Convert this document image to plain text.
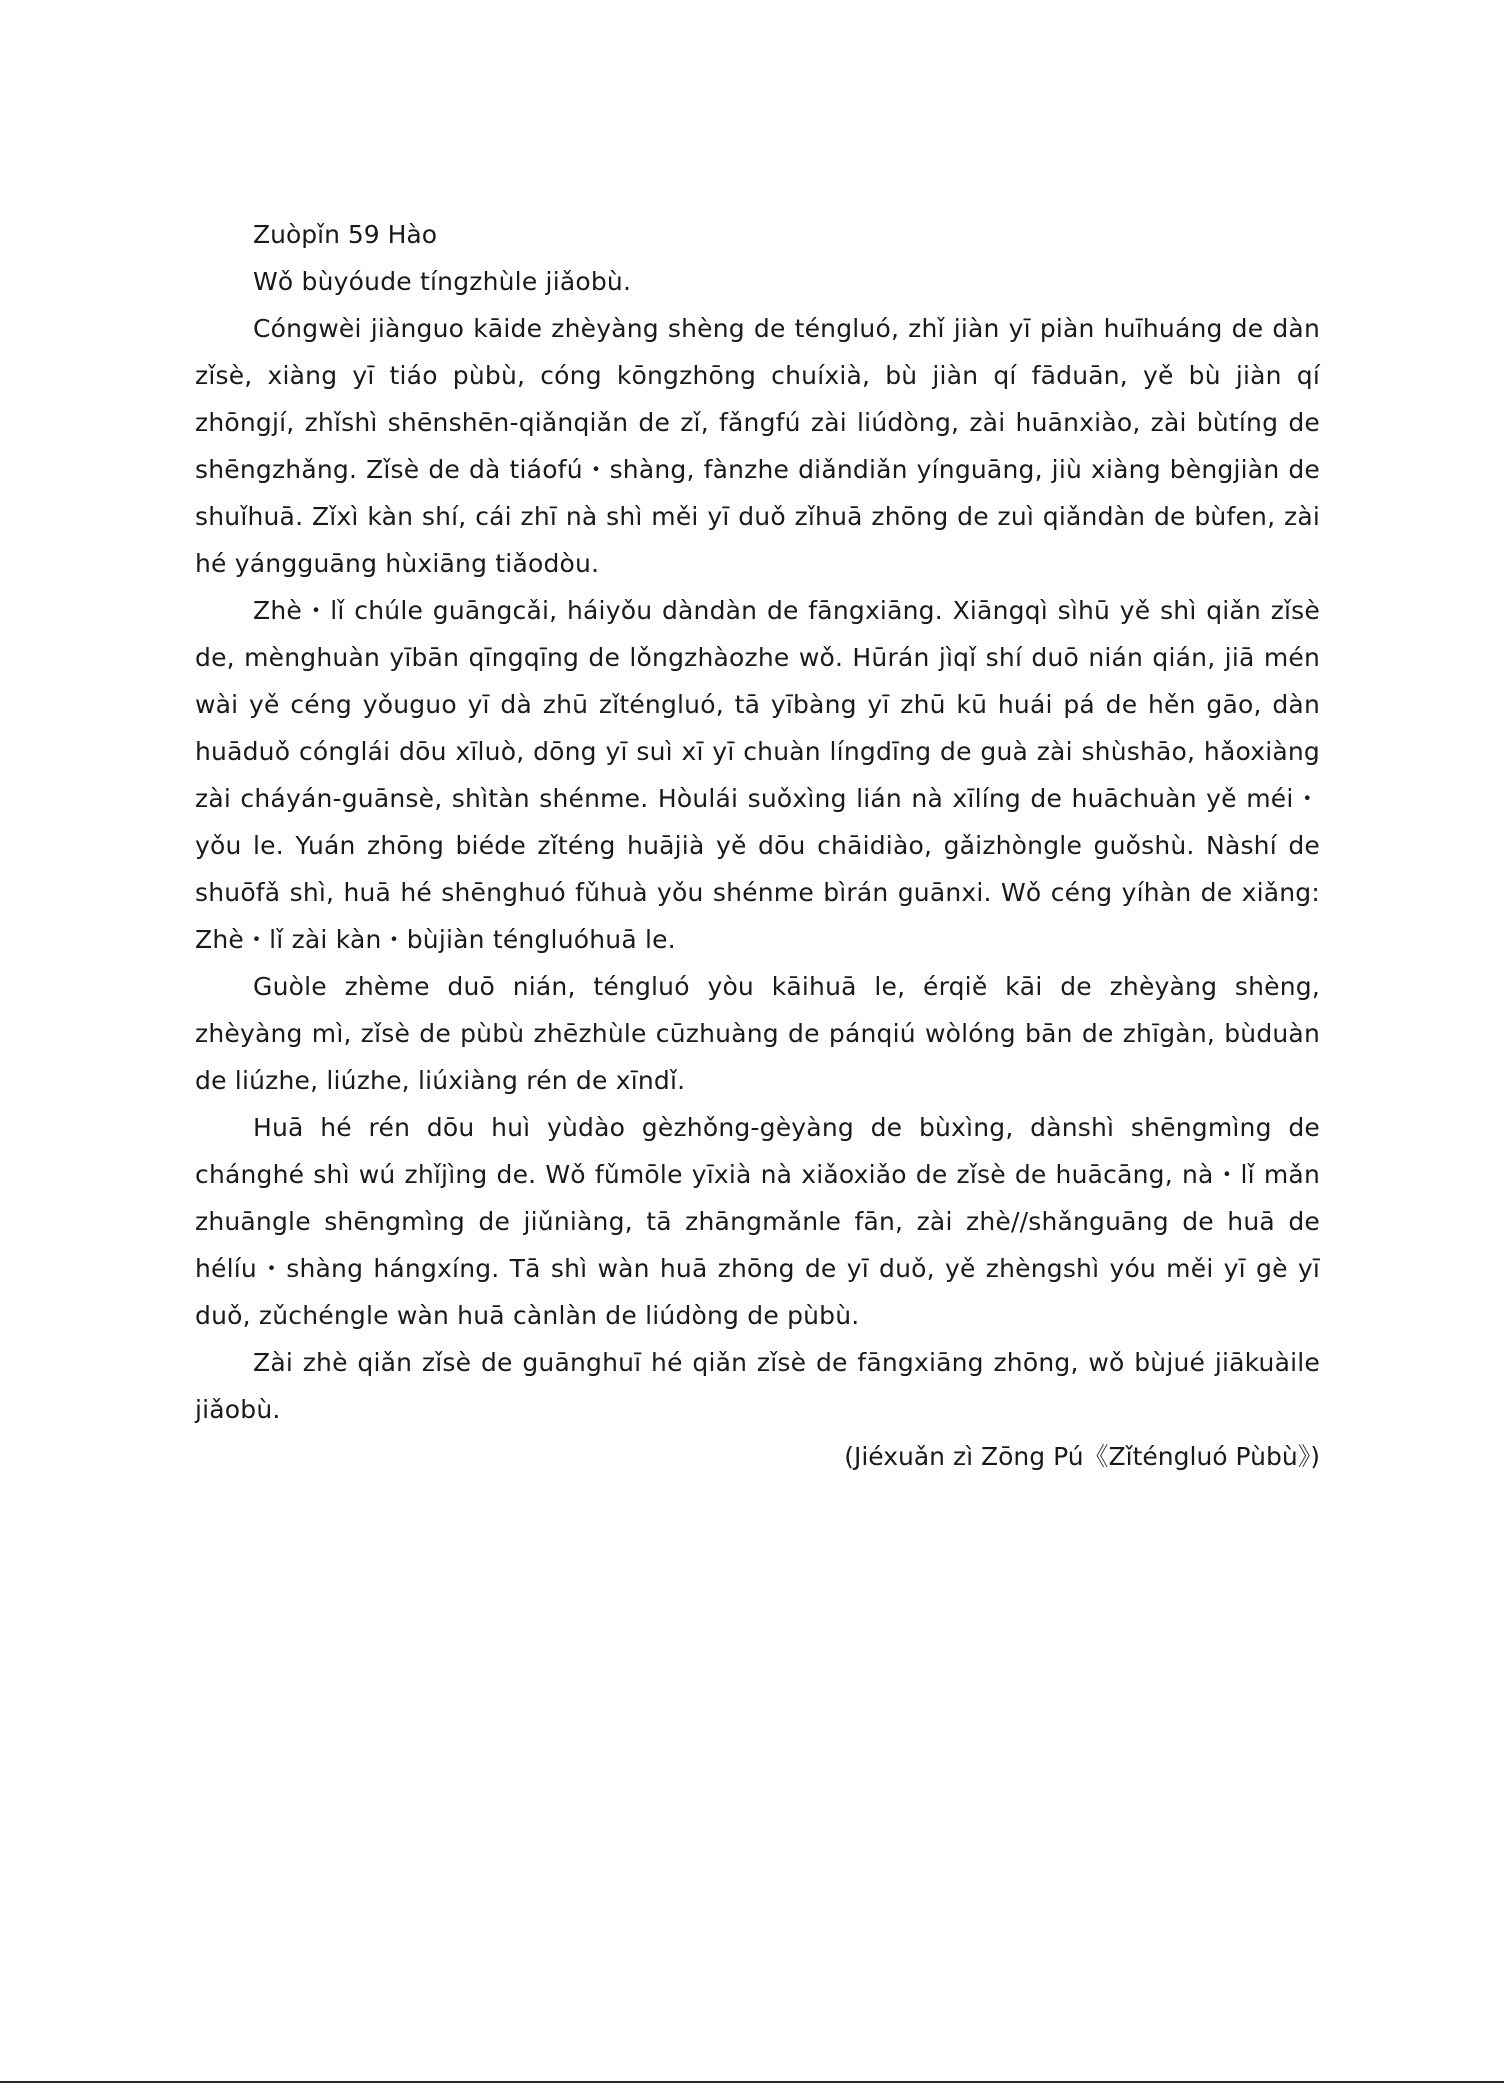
Zuòpǐn 59 Hào

Wǒ bùyóude tíngzhùle jiǎobù.

Cóngwèi jiànguo kāide zhèyàng shèng de téngluó, zhǐ jiàn yī piàn huīhuáng de dàn zǐsè, xiàng yī tiáo pùbù, cóng kōngzhōng chuíxià, bù jiàn qí fāduān, yě bù jiàn qí zhōngjí, zhǐshì shēnshēn-qiǎnqiǎn de zǐ, fǎngfú zài liúdòng, zài huānxiào, zài bùtíng de shēngzhǎng. Zǐsè de dà tiáofú・shàng, fànzhe diǎndiǎn yínguāng, jiù xiàng bèngjiàn de shuǐhuā. Zǐxì kàn shí, cái zhī nà shì měi yī duǒ zǐhuā zhōng de zuì qiǎndàn de bùfen, zài hé yángguāng hùxiāng tiǎodòu.

Zhè・lǐ chúle guāngcǎi, háiyǒu dàndàn de fāngxiāng. Xiāngqì sìhū yě shì qiǎn zǐsè de, mènghuàn yībān qīngqīng de lǒngzhàozhe wǒ. Hūrán jìqǐ shí duō nián qián, jiā mén wài yě céng yǒuguo yī dà zhū zǐténgluó, tā yībàng yī zhū kū huái pá de hěn gāo, dàn huāduǒ cónglái dōu xīluò, dōng yī suì xī yī chuàn língdīng de guà zài shùshāo, hǎoxiàng zài cháyán-guānsè, shìtàn shénme. Hòulái suǒxìng lián nà xīlíng de huāchuàn yě méi・yǒu le. Yuán zhōng biéde zǐténg huājià yě dōu chāidiào, gǎizhòngle guǒshù. Nàshí de shuōfǎ shì, huā hé shēnghuó fǔhuà yǒu shénme bìrán guānxi. Wǒ céng yíhàn de xiǎng: Zhè・lǐ zài kàn・bùjiàn téngluóhuā le.

Guòle zhème duō nián, téngluó yòu kāihuā le, érqiě kāi de zhèyàng shèng, zhèyàng mì, zǐsè de pùbù zhēzhùle cūzhuàng de pánqiú wòlóng bān de zhīgàn, bùduàn de liúzhe, liúzhe, liúxiàng rén de xīndǐ.

Huā hé rén dōu huì yùdào gèzhǒng-gèyàng de bùxìng, dànshì shēngmìng de chánghé shì wú zhǐjìng de. Wǒ fǔmōle yīxià nà xiǎoxiǎo de zǐsè de huācāng, nà・lǐ mǎn zhuāngle shēngmìng de jiǔniàng, tā zhāngmǎnle fān, zài zhè//shǎnguāng de huā de hélíu・shàng hángxíng. Tā shì wàn huā zhōng de yī duǒ, yě zhèngshì yóu měi yī gè yī duǒ, zǔchéngle wàn huā cànlàn de liúdòng de pùbù.

Zài zhè qiǎn zǐsè de guānghuī hé qiǎn zǐsè de fāngxiāng zhōng, wǒ bùjué jiākuàile jiǎobù.

(Jiéxuǎn zì Zōng Pú《Zǐténgluó Pùbù》)
